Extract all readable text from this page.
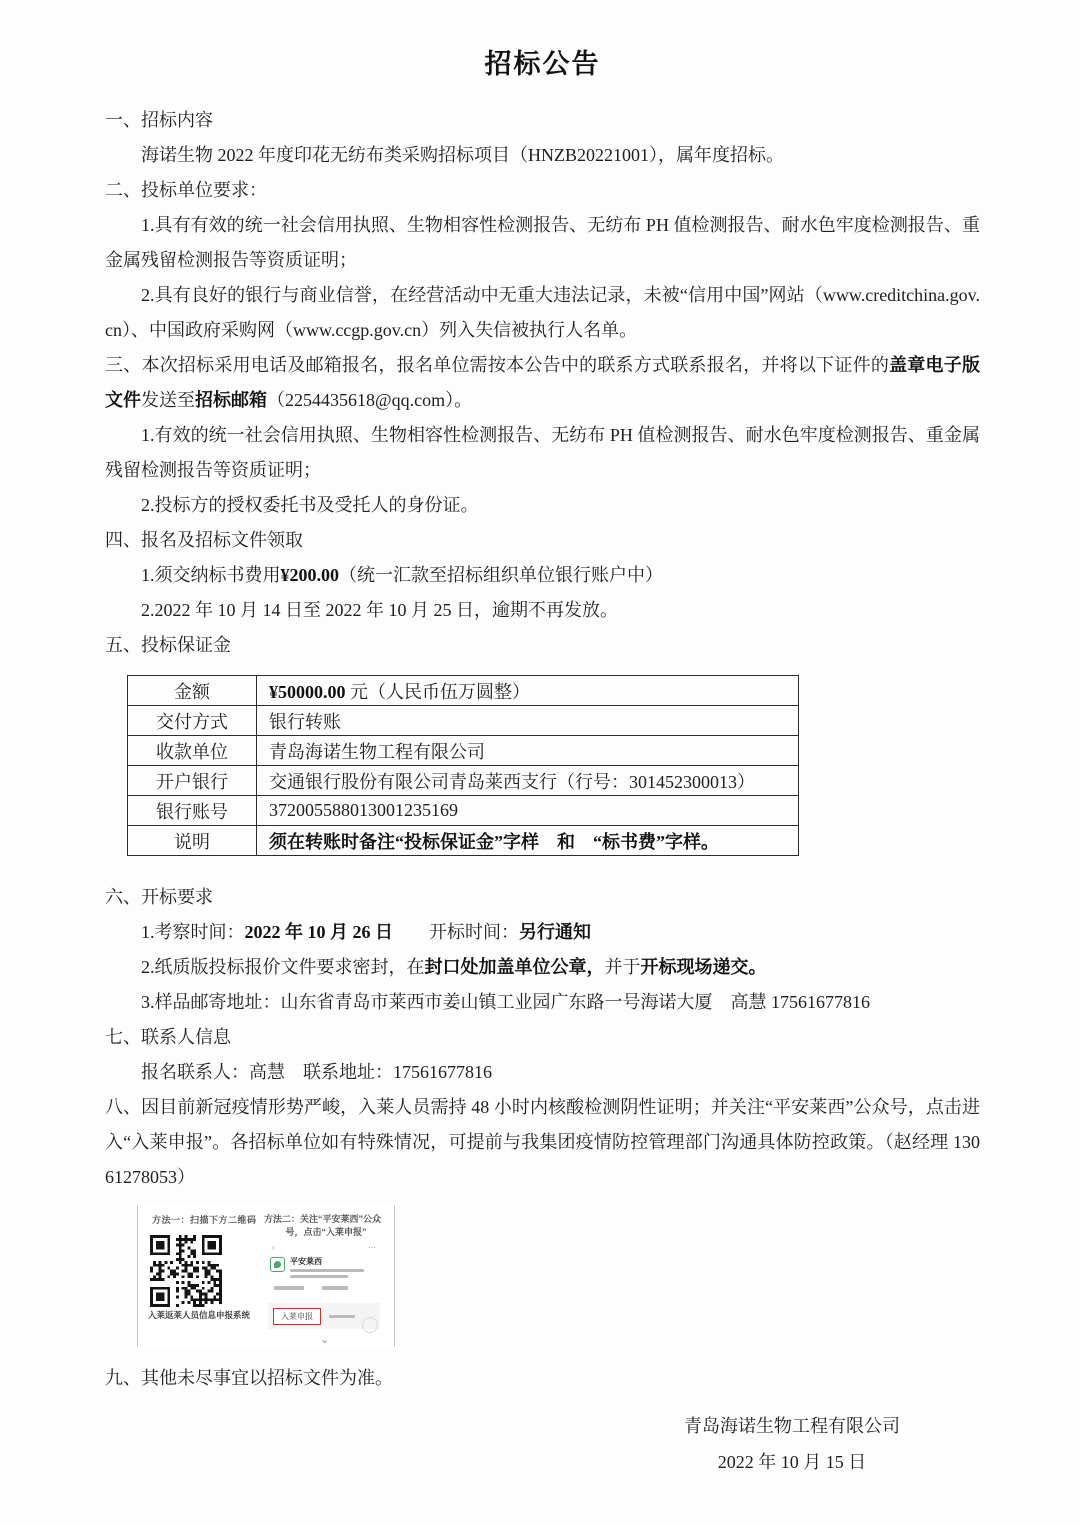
招标公告

一、招标内容

海诺生物 2022 年度印花无纺布类采购招标项目（HNZB20221001），属年度招标。

二、投标单位要求：

1.具有有效的统一社会信用执照、生物相容性检测报告、无纺布 PH 值检测报告、耐水色牢度检测报告、重金属残留检测报告等资质证明；

2.具有良好的银行与商业信誉，在经营活动中无重大违法记录，未被“信用中国”网站（www.creditchina.gov.cn）、中国政府采购网（www.ccgp.gov.cn）列入失信被执行人名单。

三、本次招标采用电话及邮箱报名，报名单位需按本公告中的联系方式联系报名，并将以下证件的盖章电子版文件发送至招标邮箱（2254435618@qq.com）。

1.有效的统一社会信用执照、生物相容性检测报告、无纺布 PH 值检测报告、耐水色牢度检测报告、重金属残留检测报告等资质证明；

2.投标方的授权委托书及受托人的身份证。

四、报名及招标文件领取

1.须交纳标书费用¥200.00（统一汇款至招标组织单位银行账户中）

2.2022 年 10 月 14 日至 2022 年 10 月 25 日，逾期不再发放。

五、投标保证金

金额	¥50000.00 元（人民币伍万圆整）
交付方式	银行转账
收款单位	青岛海诺生物工程有限公司
开户银行	交通银行股份有限公司青岛莱西支行（行号：301452300013）
银行账号	372005588013001235169
说明	须在转账时备注“投标保证金”字样　和　“标书费”字样。

六、开标要求

1.考察时间：2022 年 10 月 26 日　　开标时间：另行通知

2.纸质版投标报价文件要求密封，在封口处加盖单位公章，并于开标现场递交。

3.样品邮寄地址：山东省青岛市莱西市姜山镇工业园广东路一号海诺大厦　高慧 17561677816

七、联系人信息

报名联系人：高慧　联系地址：17561677816

八、因目前新冠疫情形势严峻，入莱人员需持 48 小时内核酸检测阴性证明；并关注“平安莱西”公众号，点击进入“入莱申报”。各招标单位如有特殊情况，可提前与我集团疫情防控管理部门沟通具体防控政策。（赵经理 13061278053）

方法一：扫描下方二维码
入莱返莱人员信息申报系统
方法二：关注“平安莱西”公众
号，点击“入莱申报”
‹	⋯
平安莱西
入莱申报
⌄

九、其他未尽事宜以招标文件为准。

青岛海诺生物工程有限公司
2022 年 10 月 15 日
